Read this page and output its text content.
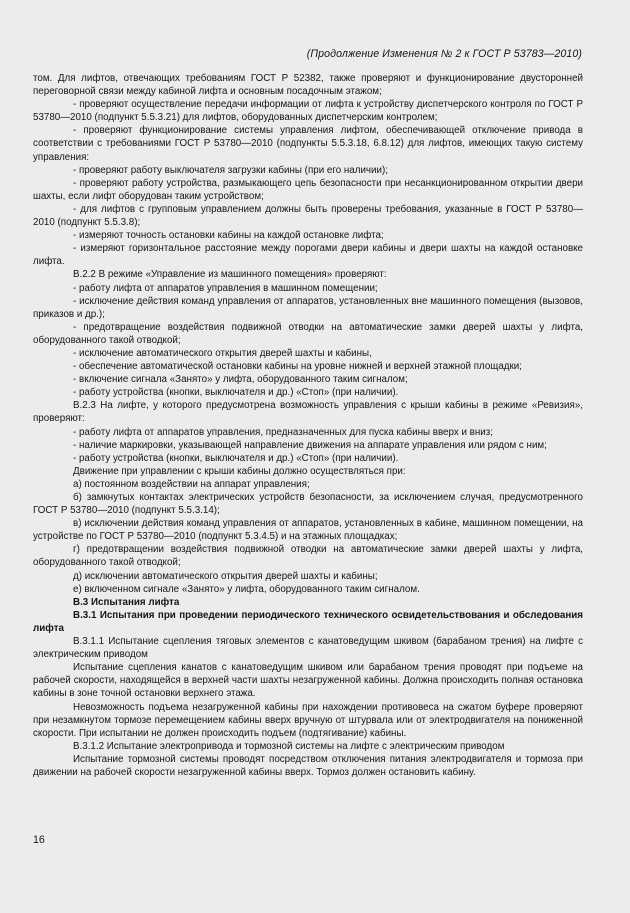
(Продолжение Изменения № 2 к ГОСТ Р 53783—2010)

том. Для лифтов, отвечающих требованиям ГОСТ Р 52382, также проверяют и функционирование двусторонней переговорной связи между кабиной лифта и основным посадочным этажом;

- проверяют осуществление передачи информации от лифта к устройству диспетчерского контроля по ГОСТ Р 53780—2010 (подпункт 5.5.3.21) для лифтов, оборудованных диспетчерским контролем;

- проверяют функционирование системы управления лифтом, обеспечивающей отключение привода в соответствии с требованиями ГОСТ Р 53780—2010 (подпункты 5.5.3.18, 6.8.12) для лифтов, имеющих такую систему управления:

- проверяют работу выключателя загрузки кабины (при его наличии);

- проверяют работу устройства, размыкающего цепь безопасности при несанкционированном открытии двери шахты, если лифт оборудован таким устройством;

- для лифтов с групповым управлением должны быть проверены требования, указанные в ГОСТ Р 53780—2010 (подпункт 5.5.3.8);

- измеряют точность остановки кабины на каждой остановке лифта;

- измеряют горизонтальное расстояние между порогами двери кабины и двери шахты на каждой остановке лифта.

В.2.2 В режиме «Управление из машинного помещения» проверяют:

- работу лифта от аппаратов управления в машинном помещении;

- исключение действия команд управления от аппаратов, установленных вне машинного помещения (вызовов, приказов и др.);

- предотвращение воздействия подвижной отводки на автоматические замки дверей шахты у лифта, оборудованного такой отводкой;

- исключение автоматического открытия дверей шахты и кабины,

- обеспечение автоматической остановки кабины на уровне нижней и верхней этажной площадки;

- включение сигнала «Занято» у лифта, оборудованного таким сигналом;

- работу устройства (кнопки, выключателя и др.) «Стоп» (при наличии).

В.2.3 На лифте, у которого предусмотрена возможность управления с крыши кабины в режиме «Ревизия», проверяют:

- работу лифта от аппаратов управления, предназначенных для пуска кабины вверх и вниз;

- наличие маркировки, указывающей направление движения на аппарате управления или рядом с ним;

- работу устройства (кнопки, выключателя и др.) «Стоп» (при наличии).

Движение при управлении с крыши кабины должно осуществляться при:

а) постоянном воздействии на аппарат управления;

б) замкнутых контактах электрических устройств безопасности, за исключением случая, предусмотренного ГОСТ Р 53780—2010 (подпункт 5.5.3.14);

в) исключении действия команд управления от аппаратов, установленных в кабине, машинном помещении, на устройстве по ГОСТ Р 53780—2010 (подпункт 5.3.4.5) и на этажных площадках;

г) предотвращении воздействия подвижной отводки на автоматические замки дверей шахты у лифта, оборудованного такой отводкой;

д) исключении автоматического открытия дверей шахты и кабины;

е) включенном сигнале «Занято» у лифта, оборудованного таким сигналом.

В.3 Испытания лифта

В.3.1 Испытания при проведении периодического технического освидетельствования и обследования лифта

В.3.1.1 Испытание сцепления тяговых элементов с канатоведущим шкивом (барабаном трения) на лифте с электрическим приводом

Испытание сцепления канатов с канатоведущим шкивом или барабаном трения проводят при подъеме на рабочей скорости, находящейся в верхней части шахты незагруженной кабины. Должна происходить полная остановка кабины в зоне точной остановки верхнего этажа.

Невозможность подъема незагруженной кабины при нахождении противовеса на сжатом буфере проверяют при незамкнутом тормозе перемещением кабины вверх вручную от штурвала или от электродвигателя на пониженной скорости. При испытании не должен происходить подъем (подтягивание) кабины.

В.3.1.2 Испытание электропривода и тормозной системы на лифте с электрическим приводом

Испытание тормозной системы проводят посредством отключения питания электродвигателя и тормоза при движении на рабочей скорости незагруженной кабины вверх. Тормоз должен остановить кабину.

16
